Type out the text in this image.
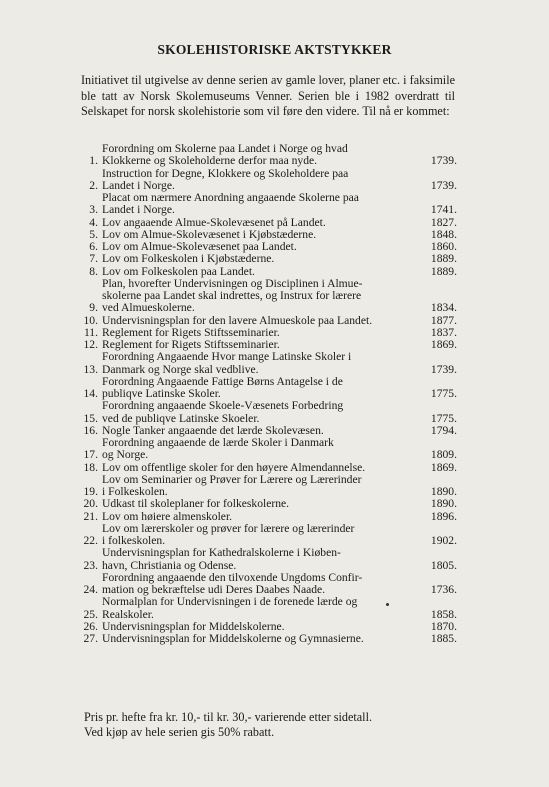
SKOLEHISTORISKE AKTSTYKKER

Initiativet til utgivelse av denne serien av gamle lover, planer etc. i faksimile ble tatt av Norsk Skolemuseums Venner. Serien ble i 1982 overdratt til Selskapet for norsk skolehistorie som vil føre den videre. Til nå er kommet:

1.
Forordning om Skolerne paa Landet i Norge og hvad
Klokkerne og Skoleholderne derfor maa nyde.	1739.
2.
Instruction for Degne, Klokkere og Skoleholdere paa
Landet i Norge.	1739.
3.
Placat om nærmere Anordning angaaende Skolerne paa
Landet i Norge.	1741.
4. Lov angaaende Almue-Skolevæsenet på Landet.	1827.
5. Lov om Almue-Skolevæsenet i Kjøbstæderne.	1848.
6. Lov om Almue-Skolevæsenet paa Landet.	1860.
7. Lov om Folkeskolen i Kjøbstæderne.	1889.
8. Lov om Folkeskolen paa Landet.	1889.
9.
Plan, hvorefter Undervisningen og Disciplinen i Almue-
skolerne paa Landet skal indrettes, og Instrux for lærere
ved Almueskolerne.	1834.
10. Undervisningsplan for den lavere Almueskole paa Landet.	1877.
11. Reglement for Rigets Stiftsseminarier.	1837.
12. Reglement for Rigets Stiftsseminarier.	1869.
13.
Forordning Angaaende Hvor mange Latinske Skoler i
Danmark og Norge skal vedblive.	1739.
14.
Forordning Angaaende Fattige Børns Antagelse i de
publiqve Latinske Skoler.	1775.
15.
Forordning angaaende Skoele-Væsenets Forbedring
ved de publiqve Latinske Skoeler.	1775.
16. Nogle Tanker angaaende det lærde Skolevæsen.	1794.
17.
Forordning angaaende de lærde Skoler i Danmark
og Norge.	1809.
18. Lov om offentlige skoler for den høyere Almendannelse.	1869.
19.
Lov om Seminarier og Prøver for Lærere og Lærerinder
i Folkeskolen.	1890.
20. Udkast til skoleplaner for folkeskolerne.	1890.
21. Lov om høiere almenskoler.	1896.
22.
Lov om lærerskoler og prøver for lærere og lærerinder
i folkeskolen.	1902.
23.
Undervisningsplan for Kathedralskolerne i Kiøben-
havn, Christiania og Odense.	1805.
24.
Forordning angaaende den tilvoxende Ungdoms Confir-
mation og bekræftelse udi Deres Daabes Naade.	1736.
25.
Normalplan for Undervisningen i de forenede lærde og
Realskoler.	1858.
26. Undervisningsplan for Middelskolerne.	1870.
27. Undervisningsplan for Middelskolerne og Gymnasierne.	1885.

Pris pr. hefte fra kr. 10,- til kr. 30,- varierende etter sidetall.

Ved kjøp av hele serien gis 50% rabatt.
